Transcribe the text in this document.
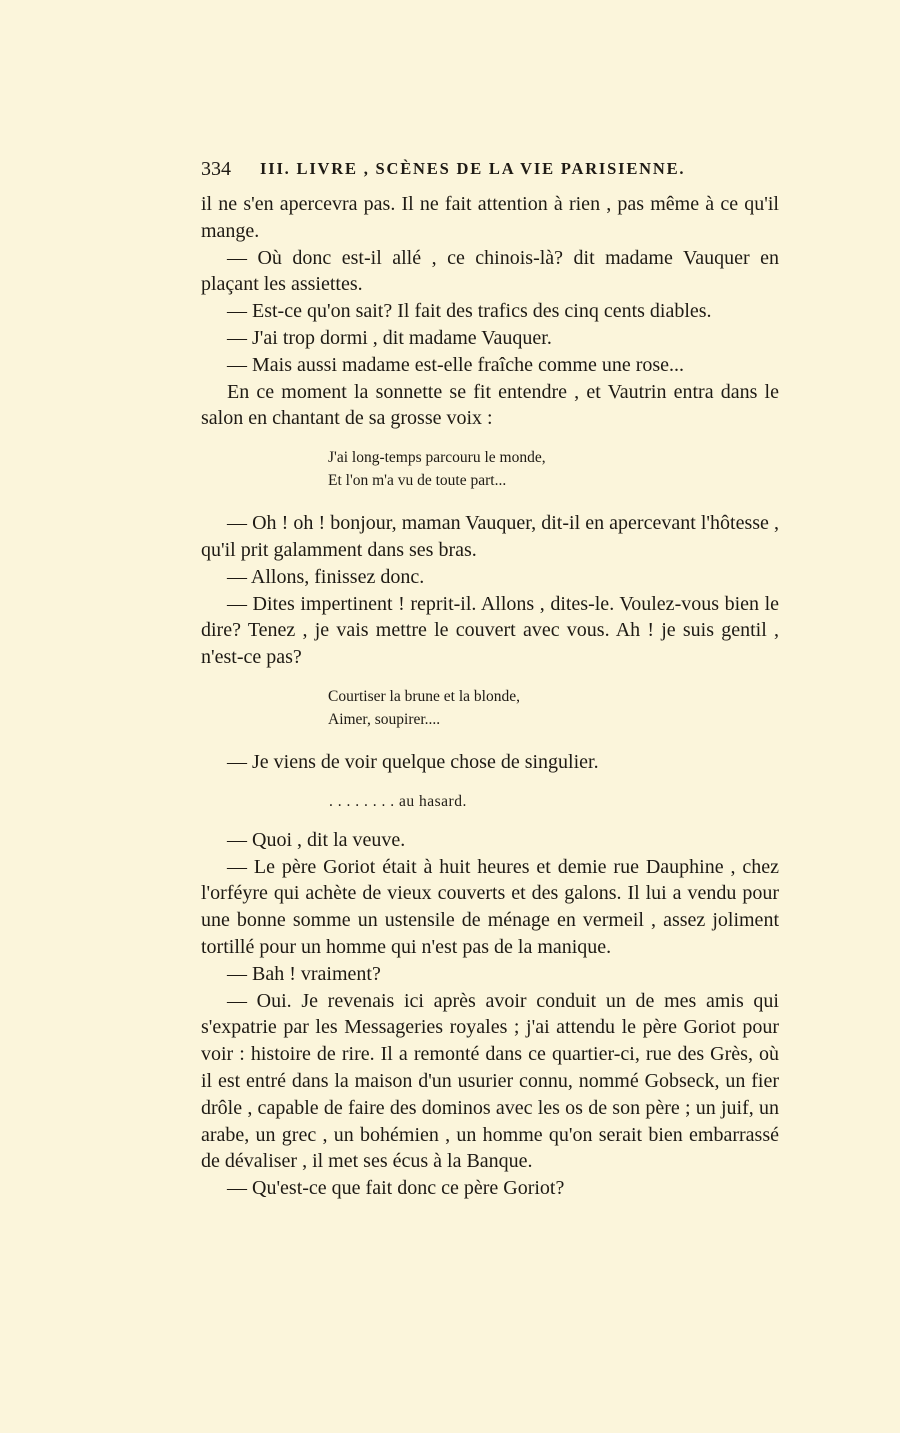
334 III. LIVRE , SCÈNES DE LA VIE PARISIENNE.

il ne s'en apercevra pas. Il ne fait attention à rien , pas même à ce qu'il mange.

— Où donc est-il allé , ce chinois-là? dit madame Vauquer en plaçant les assiettes.

— Est-ce qu'on sait? Il fait des trafics des cinq cents diables.

— J'ai trop dormi , dit madame Vauquer.

— Mais aussi madame est-elle fraîche comme une rose...

En ce moment la sonnette se fit entendre , et Vautrin entra dans le salon en chantant de sa grosse voix :

J'ai long-temps parcouru le monde,
Et l'on m'a vu de toute part...

— Oh ! oh ! bonjour, maman Vauquer, dit-il en apercevant l'hôtesse , qu'il prit galamment dans ses bras.

— Allons, finissez donc.

— Dites impertinent ! reprit-il. Allons , dites-le. Voulez-vous bien le dire? Tenez , je vais mettre le couvert avec vous. Ah ! je suis gentil , n'est-ce pas?

Courtiser la brune et la blonde,
Aimer, soupirer....

— Je viens de voir quelque chose de singulier.

. . . . . . . . au hasard.

— Quoi , dit la veuve.

— Le père Goriot était à huit heures et demie rue Dauphine , chez l'orféyre qui achète de vieux couverts et des galons. Il lui a vendu pour une bonne somme un ustensile de ménage en vermeil , assez joliment tortillé pour un homme qui n'est pas de la manique.

— Bah ! vraiment?

— Oui. Je revenais ici après avoir conduit un de mes amis qui s'expatrie par les Messageries royales ; j'ai attendu le père Goriot pour voir : histoire de rire. Il a remonté dans ce quartier-ci, rue des Grès, où il est entré dans la maison d'un usurier connu, nommé Gobseck, un fier drôle , capable de faire des dominos avec les os de son père ; un juif, un arabe, un grec , un bohémien , un homme qu'on serait bien embarrassé de dévaliser , il met ses écus à la Banque.

— Qu'est-ce que fait donc ce père Goriot?
